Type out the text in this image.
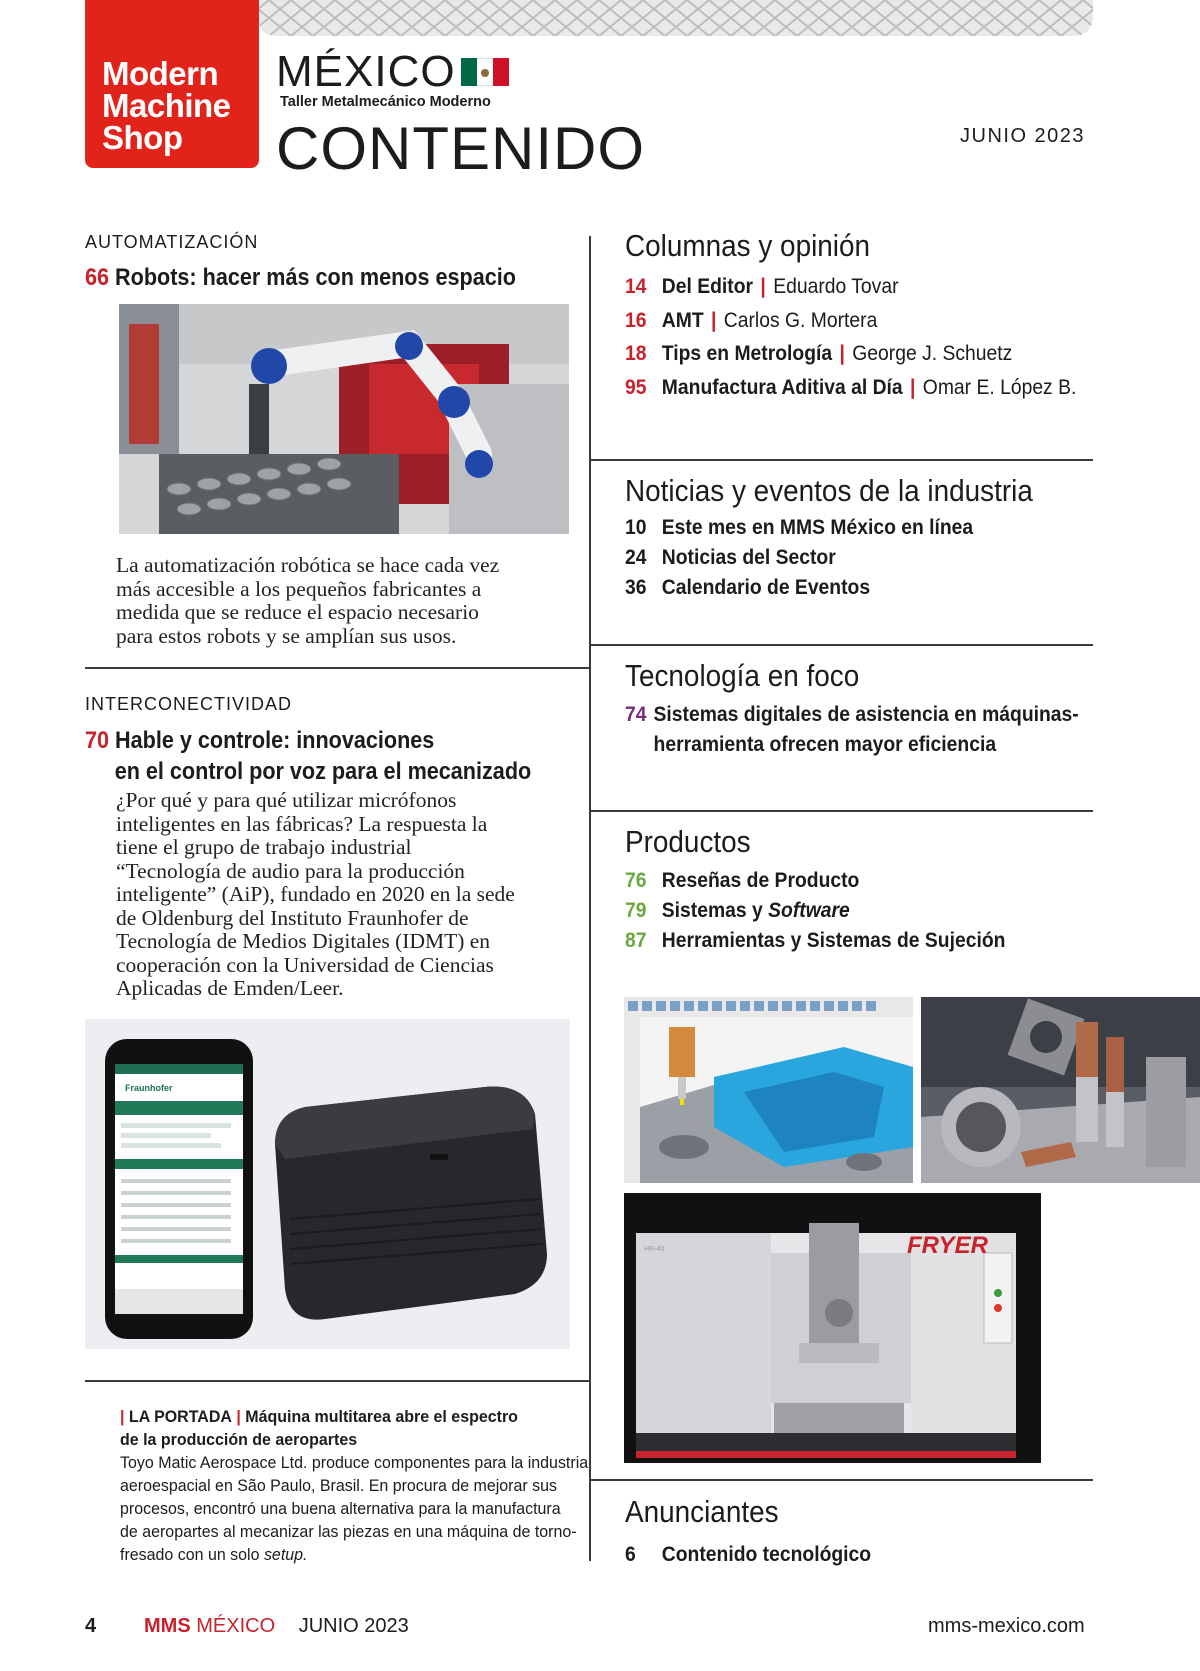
Modern
Machine
Shop
MÉXICO
Taller Metalmecánico Moderno
CONTENIDO	JUNIO 2023
AUTOMATIZACIÓN
66 Robots: hacer más con menos espacio
La automatización robótica se hace cada vez
más accesible a los pequeños fabricantes a
medida que se reduce el espacio necesario
para estos robots y se amplían sus usos.
INTERCONECTIVIDAD
70 Hable y controle: innovaciones
en el control por voz para el mecanizado
¿Por qué y para qué utilizar micrófonos
inteligentes en las fábricas? La respuesta la
tiene el grupo de trabajo industrial
“Tecnología de audio para la producción
inteligente” (AiP), fundado en 2020 en la sede
de Oldenburg del Instituto Fraunhofer de
Tecnología de Medios Digitales (IDMT) en
cooperación con la Universidad de Ciencias
Aplicadas de Emden/Leer.
Fraunhofer
| LA PORTADA | Máquina multitarea abre el espectro
de la producción de aeropartes
Toyo Matic Aerospace Ltd. produce componentes para la industria
aeroespacial en São Paulo, Brasil. En procura de mejorar sus
procesos, encontró una buena alternativa para la manufactura
de aeropartes al mecanizar las piezas en una máquina de torno-
fresado con un solo setup.
Columnas y opinión
14 Del Editor | Eduardo Tovar
16 AMT | Carlos G. Mortera
18 Tips en Metrología | George J. Schuetz
95 Manufactura Aditiva al Día | Omar E. López B.
Noticias y eventos de la industria
10 Este mes en MMS México en línea
24 Noticias del Sector
36 Calendario de Eventos
Tecnología en foco
74 Sistemas digitales de asistencia en máquinas-
herramienta ofrecen mayor eficiencia
Productos
76 Reseñas de Producto
79 Sistemas y Software
87 Herramientas y Sistemas de Sujeción
HR-40	FRYER
Anunciantes
6 Contenido tecnológico
4 MMS MÉXICO JUNIO 2023	mms-mexico.com
